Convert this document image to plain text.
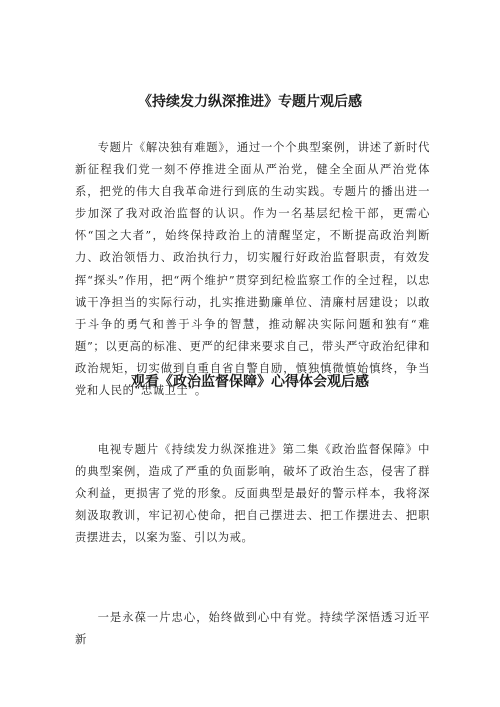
《持续发力纵深推进》专题片观后感

专题片《解决独有难题》，通过一个个典型案例，讲述了新时代新征程我们党一刻不停推进全面从严治党，健全全面从严治党体系，把党的伟大自我革命进行到底的生动实践。专题片的播出进一步加深了我对政治监督的认识。作为一名基层纪检干部，更需心怀“国之大者”，始终保持政治上的清醒坚定，不断提高政治判断力、政治领悟力、政治执行力，切实履行好政治监督职责，有效发挥“探头”作用，把“两个维护”贯穿到纪检监察工作的全过程，以忠诚干净担当的实际行动，扎实推进勤廉单位、清廉村居建设；以敢于斗争的勇气和善于斗争的智慧，推动解决实际问题和独有“难题”；以更高的标准、更严的纪律来要求自己，带头严守政治纪律和政治规矩，切实做到自重自省自警自励，慎独慎微慎始慎终，争当党和人民的“忠诚卫士”。

观看《政治监督保障》心得体会观后感

电视专题片《持续发力纵深推进》第二集《政治监督保障》中的典型案例，造成了严重的负面影响，破坏了政治生态，侵害了群众利益，更损害了党的形象。反面典型是最好的警示样本，我将深刻汲取教训，牢记初心使命，把自己摆进去、把工作摆进去、把职责摆进去，以案为鉴、引以为戒。

一是永葆一片忠心，始终做到心中有党。持续学深悟透习近平新
